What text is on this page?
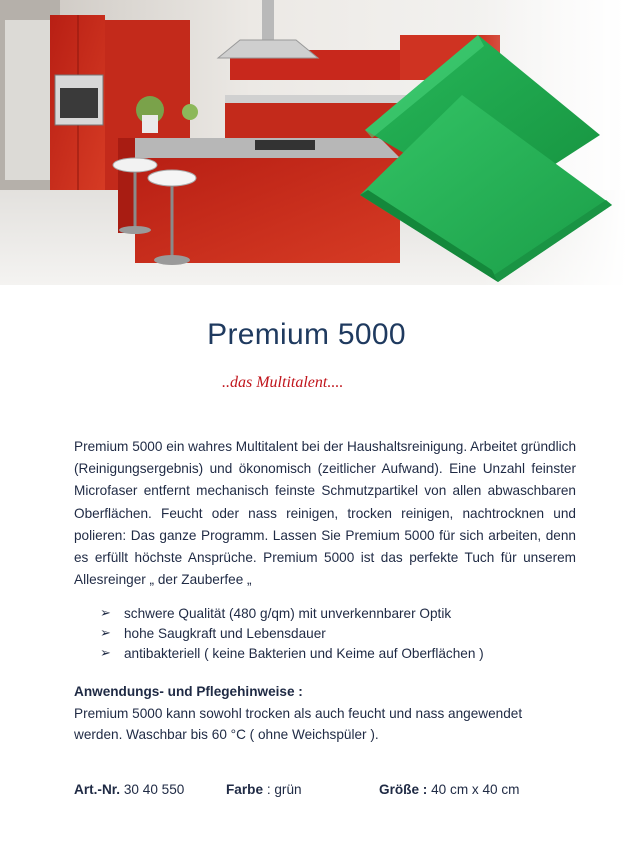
Premium 5000
..das Multitalent....

Premium 5000 ein wahres Multitalent bei der Haushaltsreinigung. Arbeitet gründlich (Reinigungsergebnis) und ökonomisch (zeitlicher Aufwand). Eine Unzahl feinster Microfaser entfernt mechanisch feinste Schmutzpartikel von allen abwaschbaren Oberflächen. Feucht oder nass reinigen, trocken reinigen, nachtrocknen und polieren: Das ganze Programm. Lassen Sie Premium 5000 für sich arbeiten, denn es erfüllt höchste Ansprüche. Premium 5000 ist das perfekte Tuch für unserem Allesreinger „ der Zauberfee „

➢ schwere Qualität (480 g/qm) mit unverkennbarer Optik
➢ hohe Saugkraft und Lebensdauer
➢ antibakteriell ( keine Bakterien und Keime auf Oberflächen )
Anwendungs- und Pflegehinweise :

Premium 5000 kann sowohl trocken als auch feucht und nass angewendet werden. Waschbar bis 60 °C ( ohne Weichspüler ).

Art.-Nr. 30 40 550	Farbe : grün	Größe : 40 cm x 40 cm
